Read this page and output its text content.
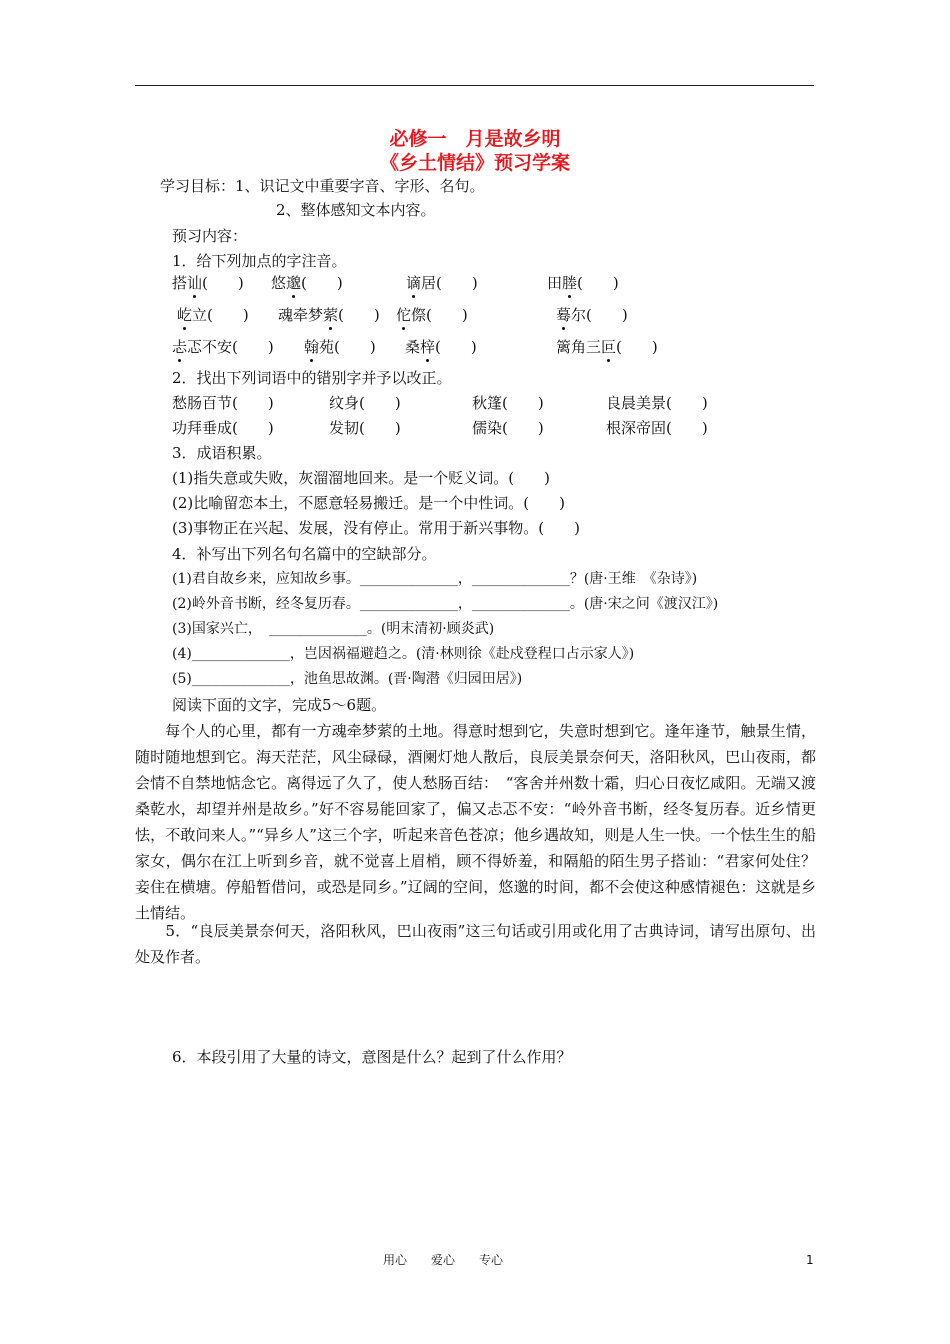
必修一　月是故乡明
《乡土情结》预习学案
学习目标：1、识记文中重要字音、字形、名句。
2、整体感知文本内容。
预习内容：
1．给下列加点的字注音。
搭讪(　　) 悠邈(　　)	谪居(　　)	田塍(　　)
屹立(　　) 魂牵梦萦(　　) 佗傺(　　)	蓦尔(　　)
忐忑不安(　　) 翰苑(　　) 桑梓(　　)	篱角三叵(　　)
2．找出下列词语中的错别字并予以改正。
愁肠百节(　　)	纹身(　　)	秋篷(　　)	良晨美景(　　)
功拜垂成(　　)	发韧(　　)	儒染(　　)	根深帝固(　　)
3．成语积累。
(1)指失意或失败，灰溜溜地回来。是一个贬义词。(　　)
(2)比喻留恋本土，不愿意轻易搬迁。是一个中性词。(　　)
(3)事物正在兴起、发展，没有停止。常用于新兴事物。(　　)
4．补写出下列名句名篇中的空缺部分。
(1)君自故乡来，应知故乡事。______________，______________？(唐·王维　《杂诗》)
(2)岭外音书断，经冬复历春。______________，______________。(唐·宋之问《渡汉江》)
(3)国家兴亡，　______________。(明末清初·顾炎武)
(4)______________，岂因祸福避趋之。(清·林则徐《赴戍登程口占示家人》)
(5)______________，池鱼思故渊。(晋·陶潜《归园田居》)
阅读下面的文字，完成5～6题。
　　每个人的心里，都有一方魂牵梦萦的土地。得意时想到它，失意时想到它。逢年逢节，触景生情，随时随地想到它。海天茫茫，风尘碌碌，酒阑灯灺人散后，良辰美景奈何天，洛阳秋风，巴山夜雨，都会情不自禁地惦念它。离得远了久了，使人愁肠百结：　“客舍并州数十霜，归心日夜忆咸阳。无端又渡桑乾水，却望并州是故乡。”好不容易能回家了，偏又忐忑不安：“岭外音书断，经冬复历春。近乡情更怯，不敢问来人。”“异乡人”这三个字，听起来音色苍凉；他乡遇故知，则是人生一快。一个怯生生的船家女，偶尔在江上听到乡音，就不觉喜上眉梢，顾不得娇羞，和隔船的陌生男子搭讪：“君家何处住？妾住在横塘。停船暂借问，或恐是同乡。”辽阔的空间，悠邈的时间，都不会使这种感情褪色：这就是乡土情结。
　　5．“良辰美景奈何天，洛阳秋风，巴山夜雨”这三句话或引用或化用了古典诗词，请写出原句、出处及作者。
6．本段引用了大量的诗文，意图是什么？起到了什么作用？
用心　　爱心　　专心	1
